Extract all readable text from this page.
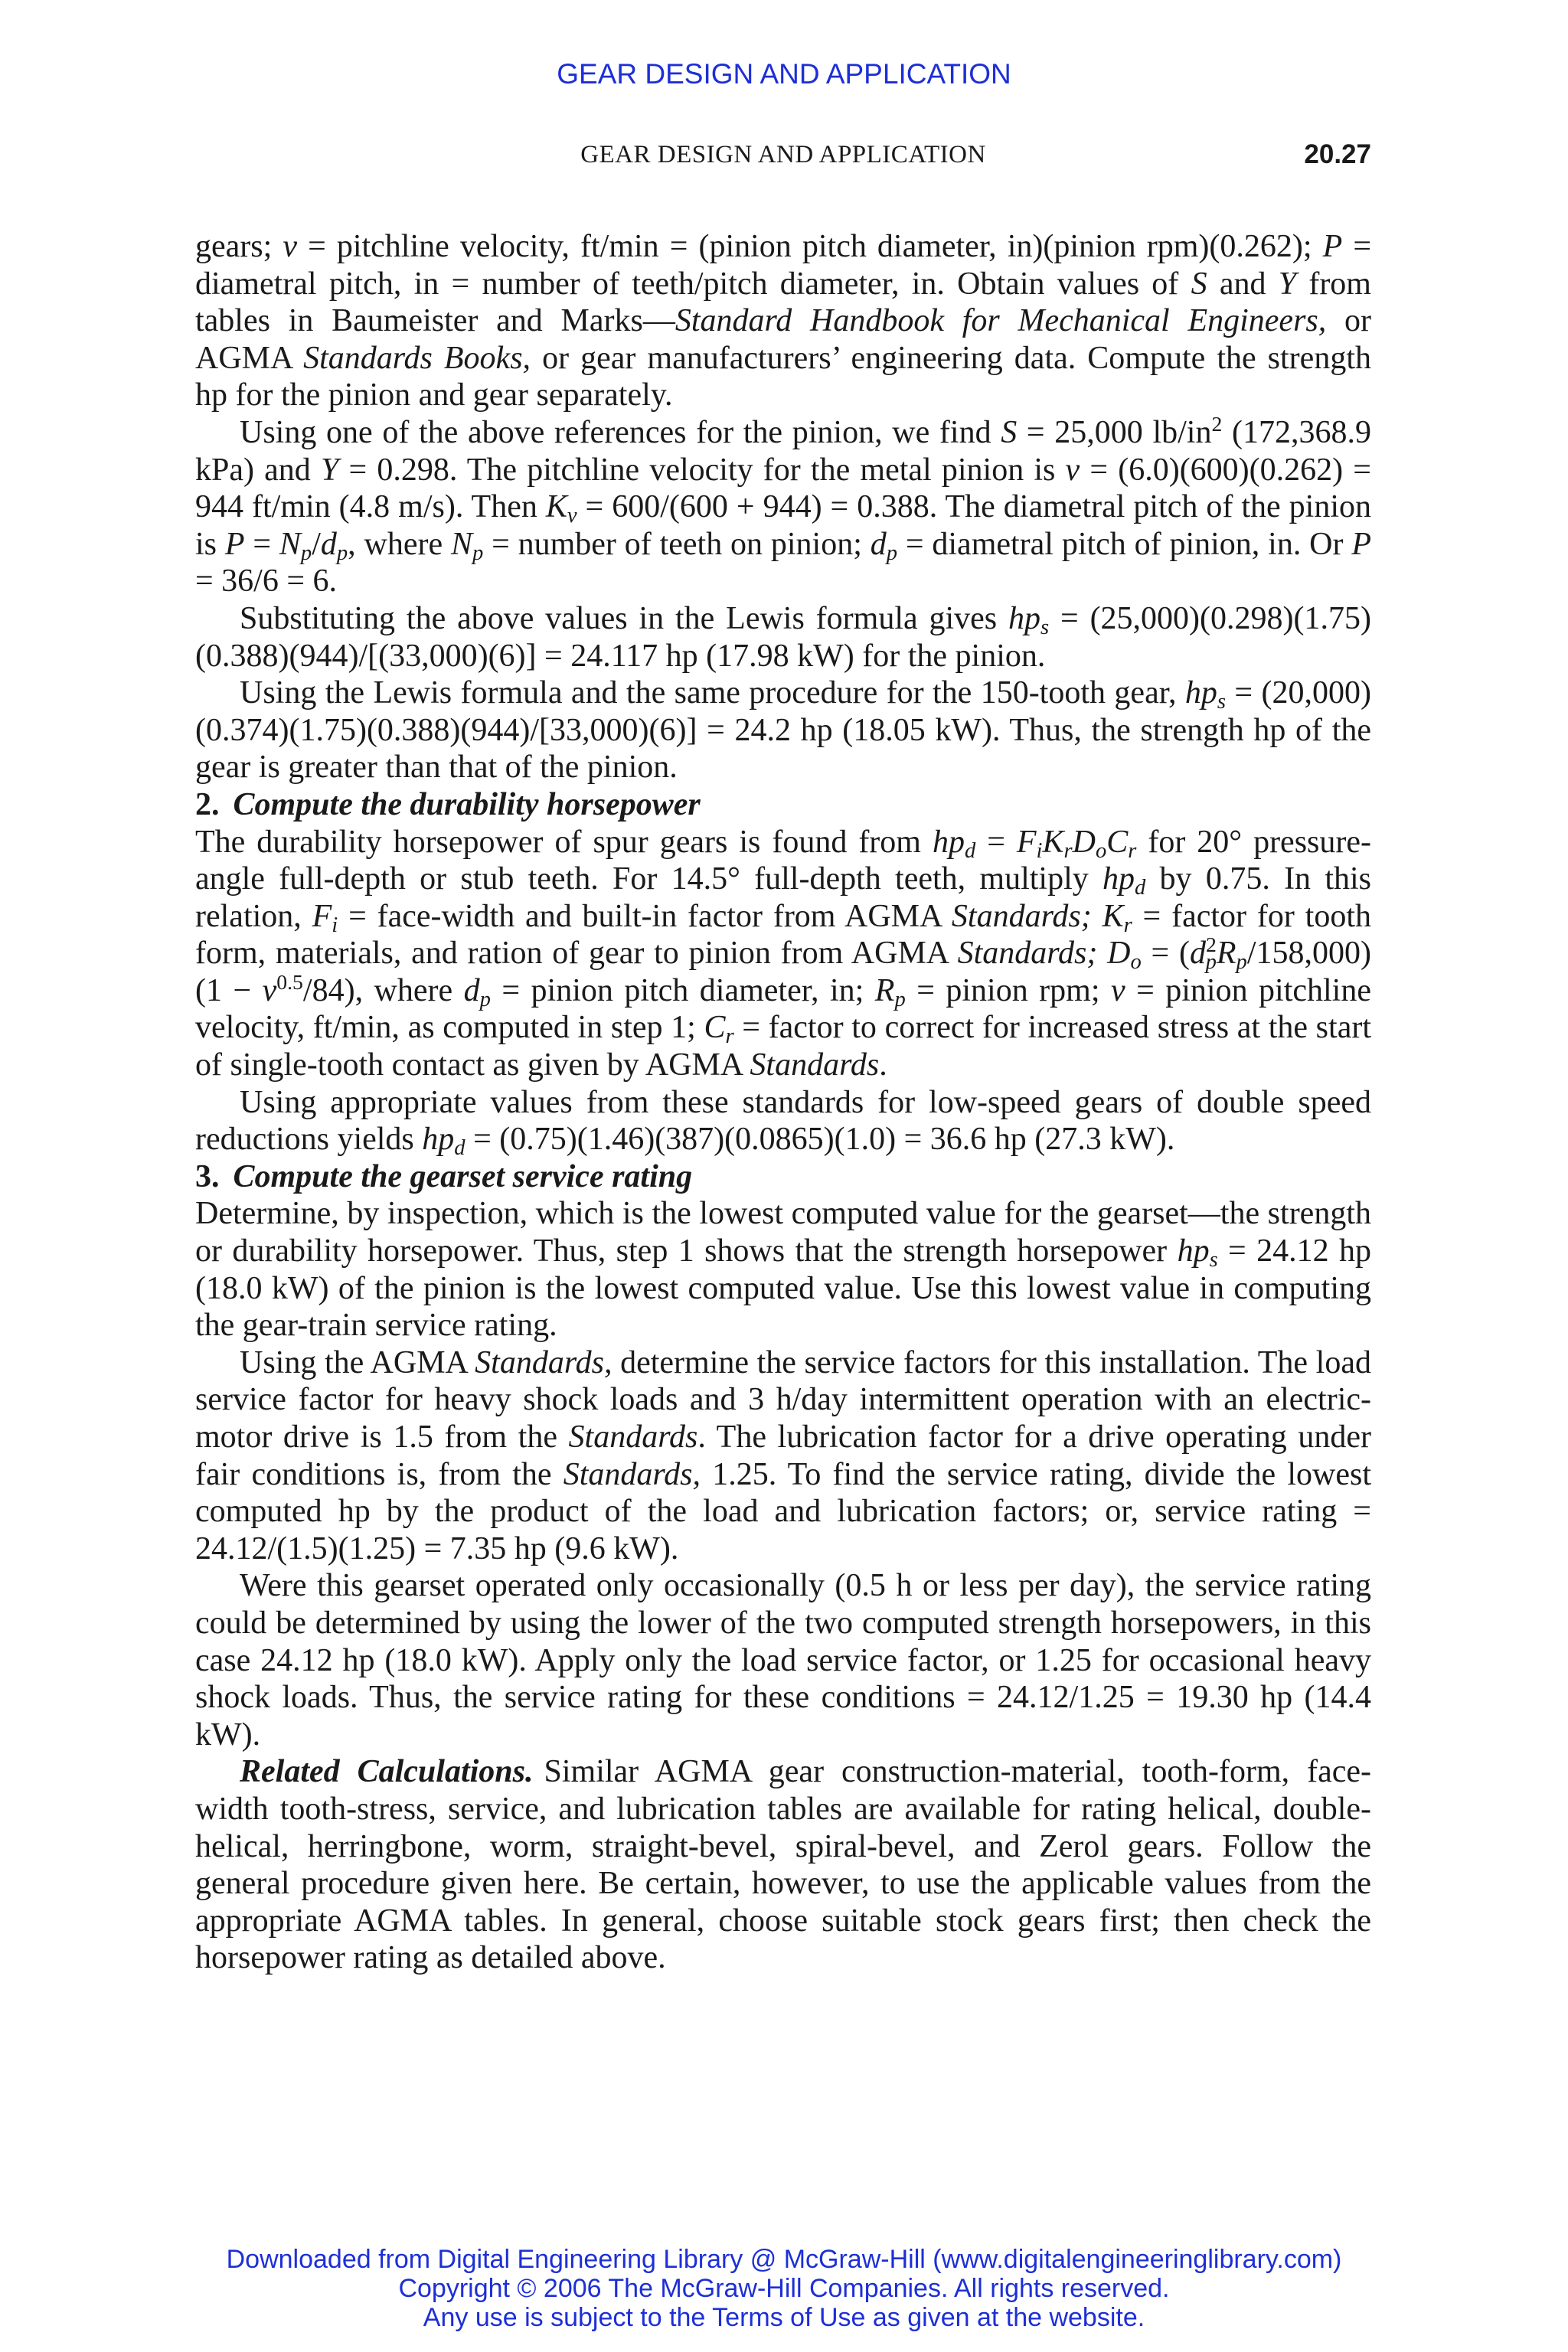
GEAR DESIGN AND APPLICATION
GEAR DESIGN AND APPLICATION	20.27

gears; v = pitchline velocity, ft/min = (pinion pitch diameter, in)(pinion rpm)(0.262); P = diametral pitch, in = number of teeth/pitch diameter, in. Obtain values of S and Y from tables in Baumeister and Marks—Standard Handbook for Mechanical Engineers, or AGMA Standards Books, or gear manufacturers’ engineering data. Compute the strength hp for the pinion and gear separately.

Using one of the above references for the pinion, we find S = 25,000 $lb/in^2$ (172,368.9 kPa) and Y = 0.298. The pitchline velocity for the metal pinion is v = (6.0)(600)(0.262) = 944 ft/min (4.8 m/s). Then $K_v = 600/(600 + 944) = 0.388$. The diametral pitch of the pinion is $P = N_p/d_p$, where $N_p$ = number of teeth on pinion; $d_p$ = diametral pitch of pinion, in. Or P = 36/6 = 6.

Substituting the above values in the Lewis formula gives $hp_s = (25,000)(0.298)(1.75)(0.388)(944)/[(33,000)(6)] = 24.117$ hp (17.98 kW) for the pinion.

Using the Lewis formula and the same procedure for the 150-tooth gear, $hp_s = (20,000)(0.374)(1.75)(0.388)(944)/[33,000)(6)] = 24.2$ hp (18.05 kW). Thus, the strength hp of the gear is greater than that of the pinion.

2. Compute the durability horsepower

The durability horsepower of spur gears is found from $hp_d = F_iK_rD_oC_r$ for 20° pressure-angle full-depth or stub teeth. For 14.5° full-depth teeth, multiply $hp_d$ by 0.75. In this relation, $F_i$ = face-width and built-in factor from AGMA Standards; $K_r$ = factor for tooth form, materials, and ration of gear to pinion from AGMA Standards; $D_o = (d^2_pR_p/158,000)(1 - v^{0.5}/84)$, where $d_p$ = pinion pitch diameter, in; $R_p$ = pinion rpm; v = pinion pitchline velocity, ft/min, as computed in step 1; $C_r$ = factor to correct for increased stress at the start of single-tooth contact as given by AGMA Standards.

Using appropriate values from these standards for low-speed gears of double speed reductions yields $hp_d = (0.75)(1.46)(387)(0.0865)(1.0) = 36.6$ hp (27.3 kW).

3. Compute the gearset service rating

Determine, by inspection, which is the lowest computed value for the gearset—the strength or durability horsepower. Thus, step 1 shows that the strength horsepower $hp_s = 24.12$ hp (18.0 kW) of the pinion is the lowest computed value. Use this lowest value in computing the gear-train service rating.

Using the AGMA Standards, determine the service factors for this installation. The load service factor for heavy shock loads and 3 h/day intermittent operation with an electric-motor drive is 1.5 from the Standards. The lubrication factor for a drive operating under fair conditions is, from the Standards, 1.25. To find the service rating, divide the lowest computed hp by the product of the load and lubrication factors; or, service rating = 24.12/(1.5)(1.25) = 7.35 hp (9.6 kW).

Were this gearset operated only occasionally (0.5 h or less per day), the service rating could be determined by using the lower of the two computed strength horsepowers, in this case 24.12 hp (18.0 kW). Apply only the load service factor, or 1.25 for occasional heavy shock loads. Thus, the service rating for these conditions = 24.12/1.25 = 19.30 hp (14.4 kW).

Related Calculations. Similar AGMA gear construction-material, tooth-form, face-width tooth-stress, service, and lubrication tables are available for rating helical, double-helical, herringbone, worm, straight-bevel, spiral-bevel, and Zerol gears. Follow the general procedure given here. Be certain, however, to use the applicable values from the appropriate AGMA tables. In general, choose suitable stock gears first; then check the horsepower rating as detailed above.

Downloaded from Digital Engineering Library @ McGraw-Hill (www.digitalengineeringlibrary.com)
Copyright © 2006 The McGraw-Hill Companies. All rights reserved.
Any use is subject to the Terms of Use as given at the website.
